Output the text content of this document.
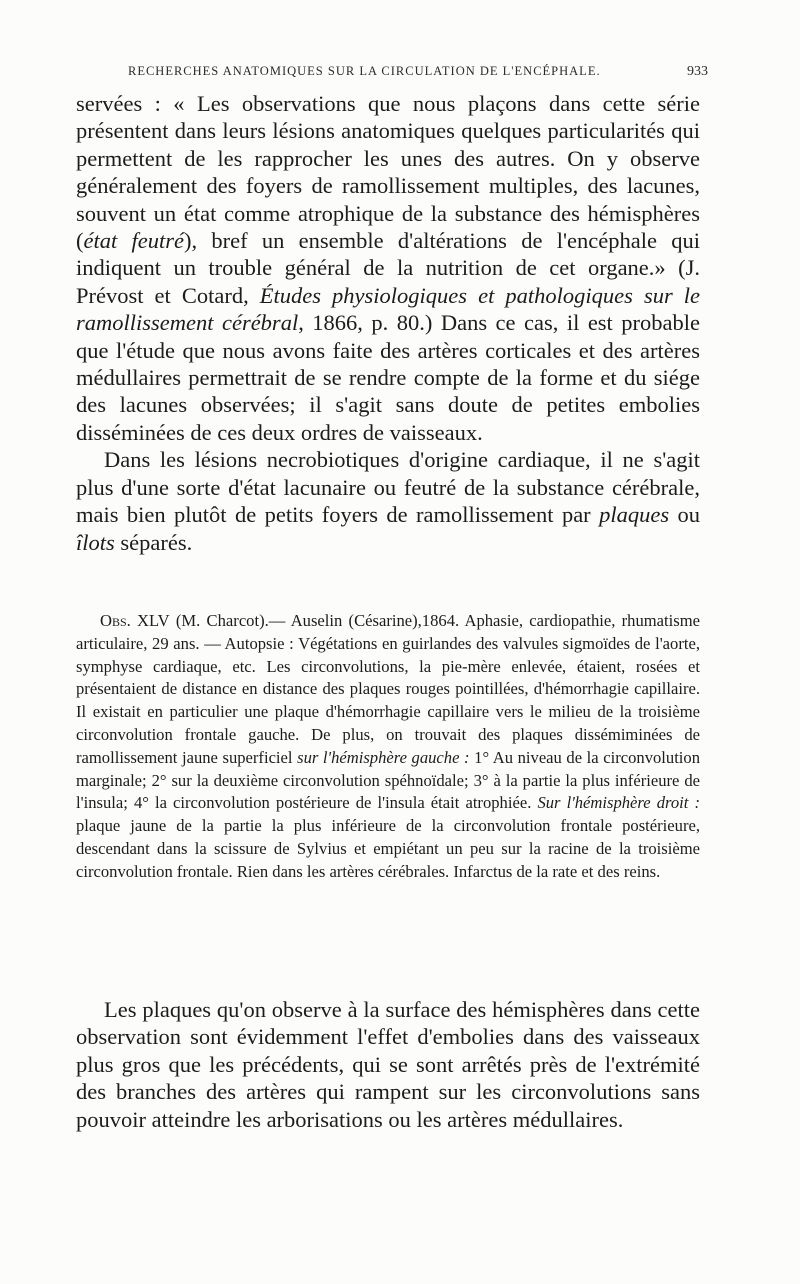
RECHERCHES ANATOMIQUES SUR LA CIRCULATION DE L'ENCÉPHALE.	933

servées : « Les observations que nous plaçons dans cette série présentent dans leurs lésions anatomiques quelques particularités qui permettent de les rapprocher les unes des autres. On y observe généralement des foyers de ramollissement multiples, des lacunes, souvent un état comme atrophique de la substance des hémisphères (état feutré), bref un ensemble d'altérations de l'encéphale qui indiquent un trouble général de la nutrition de cet organe.» (J. Prévost et Cotard, Études physiologiques et pathologiques sur le ramollissement cérébral, 1866, p. 80.) Dans ce cas, il est probable que l'étude que nous avons faite des artères corticales et des artères médullaires permettrait de se rendre compte de la forme et du siége des lacunes observées; il s'agit sans doute de petites embolies disséminées de ces deux ordres de vaisseaux.

Dans les lésions necrobiotiques d'origine cardiaque, il ne s'agit plus d'une sorte d'état lacunaire ou feutré de la substance cérébrale, mais bien plutôt de petits foyers de ramollissement par plaques ou îlots séparés.

Obs. XLV (M. Charcot).— Auselin (Césarine),1864. Aphasie, cardiopathie, rhumatisme articulaire, 29 ans. — Autopsie : Végétations en guirlandes des valvules sigmoïdes de l'aorte, symphyse cardiaque, etc. Les circonvolutions, la pie-mère enlevée, étaient, rosées et présentaient de distance en distance des plaques rouges pointillées, d'hémorrhagie capillaire. Il existait en particulier une plaque d'hémorrhagie capillaire vers le milieu de la troisième circonvolution frontale gauche. De plus, on trouvait des plaques dissémiminées de ramollissement jaune superficiel sur l'hémisphère gauche : 1° Au niveau de la circonvolution marginale; 2° sur la deuxième circonvolution spéhnoïdale; 3° à la partie la plus inférieure de l'insula; 4° la circonvolution postérieure de l'insula était atrophiée. Sur l'hémisphère droit : plaque jaune de la partie la plus inférieure de la circonvolution frontale postérieure, descendant dans la scissure de Sylvius et empiétant un peu sur la racine de la troisième circonvolution frontale. Rien dans les artères cérébrales. Infarctus de la rate et des reins.

Les plaques qu'on observe à la surface des hémisphères dans cette observation sont évidemment l'effet d'embolies dans des vaisseaux plus gros que les précédents, qui se sont arrêtés près de l'extrémité des branches des artères qui rampent sur les circonvolutions sans pouvoir atteindre les arborisations ou les artères médullaires.
